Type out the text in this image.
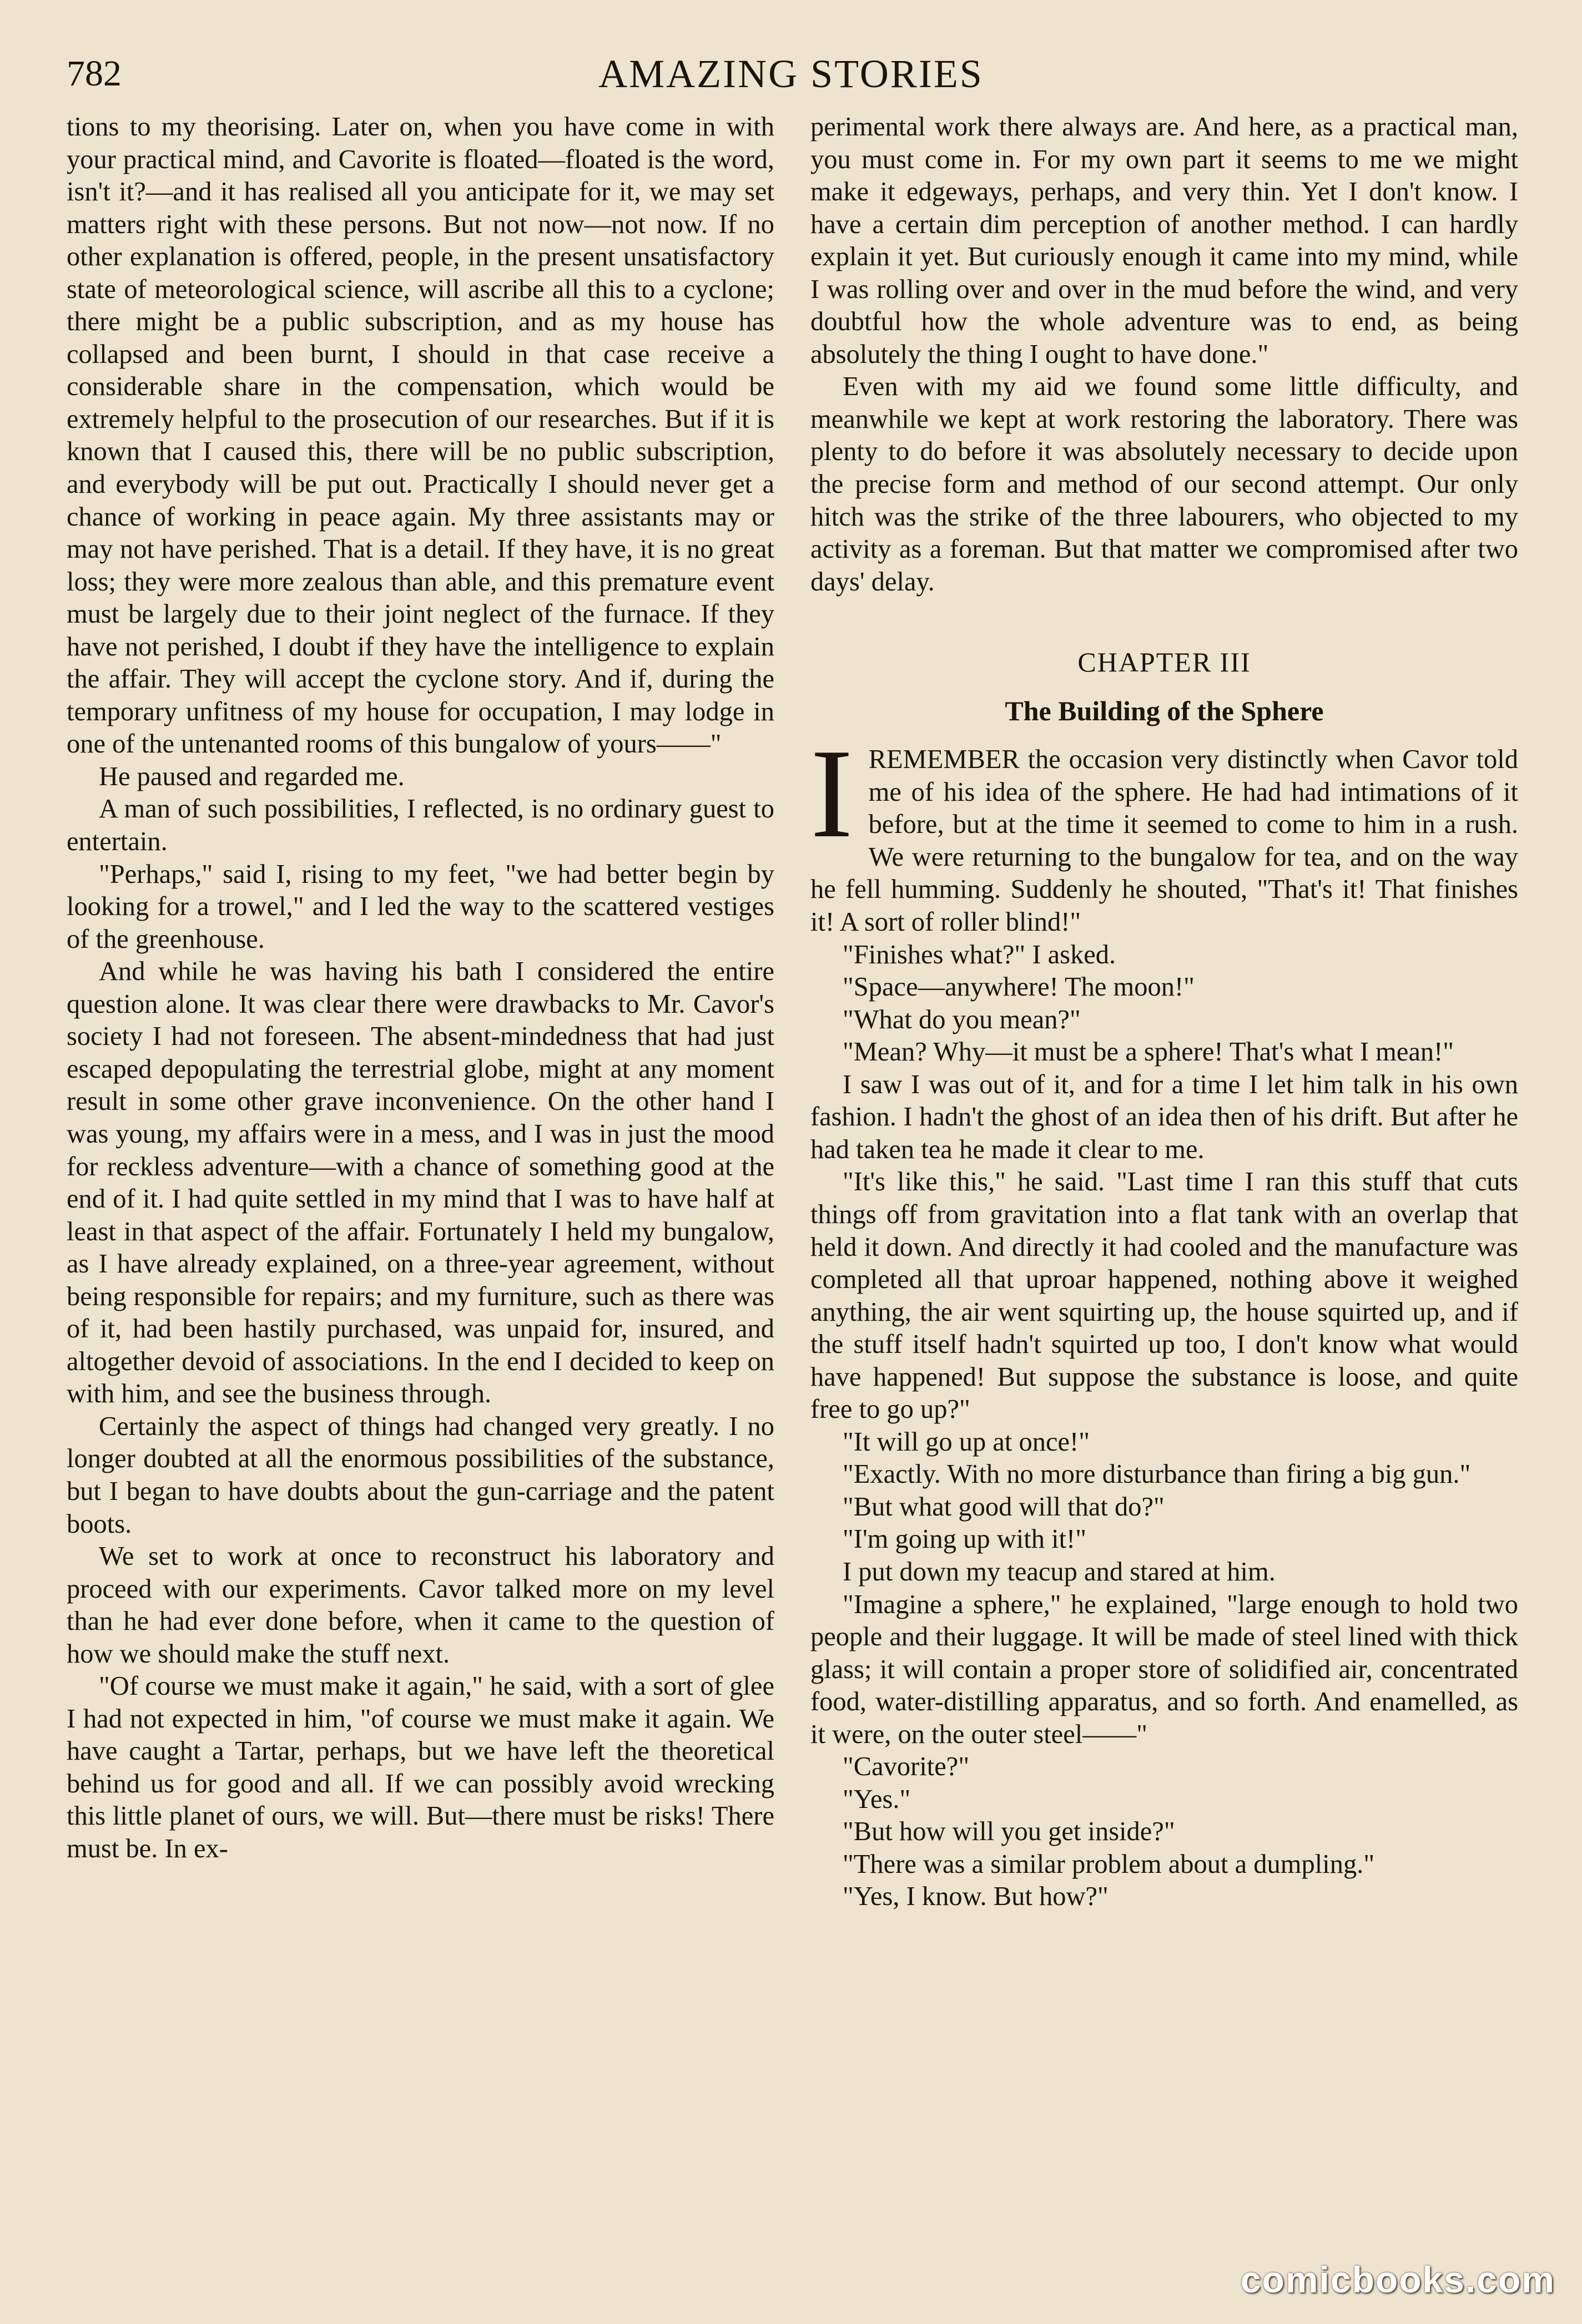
782	AMAZING STORIES

tions to my theorising. Later on, when you have come in with your practical mind, and Cavorite is floated—floated is the word, isn't it?—and it has realised all you anticipate for it, we may set matters right with these persons. But not now—not now. If no other explanation is offered, people, in the present unsatisfactory state of meteorological science, will ascribe all this to a cyclone; there might be a public subscription, and as my house has collapsed and been burnt, I should in that case receive a considerable share in the compensation, which would be extremely helpful to the prosecution of our researches. But if it is known that I caused this, there will be no public subscription, and everybody will be put out. Practically I should never get a chance of working in peace again. My three assistants may or may not have perished. That is a detail. If they have, it is no great loss; they were more zealous than able, and this premature event must be largely due to their joint neglect of the furnace. If they have not perished, I doubt if they have the intelligence to explain the affair. They will accept the cyclone story. And if, during the temporary unfitness of my house for occupation, I may lodge in one of the untenanted rooms of this bungalow of yours——"

He paused and regarded me.

A man of such possibilities, I reflected, is no ordinary guest to entertain.

"Perhaps," said I, rising to my feet, "we had better begin by looking for a trowel," and I led the way to the scattered vestiges of the greenhouse.

And while he was having his bath I considered the entire question alone. It was clear there were drawbacks to Mr. Cavor's society I had not foreseen. The absent-mindedness that had just escaped depopulating the terrestrial globe, might at any moment result in some other grave inconvenience. On the other hand I was young, my affairs were in a mess, and I was in just the mood for reckless adventure—with a chance of something good at the end of it. I had quite settled in my mind that I was to have half at least in that aspect of the affair. Fortunately I held my bungalow, as I have already explained, on a three-year agreement, without being responsible for repairs; and my furniture, such as there was of it, had been hastily purchased, was unpaid for, insured, and altogether devoid of associations. In the end I decided to keep on with him, and see the business through.

Certainly the aspect of things had changed very greatly. I no longer doubted at all the enormous possibilities of the substance, but I began to have doubts about the gun-carriage and the patent boots.

We set to work at once to reconstruct his laboratory and proceed with our experiments. Cavor talked more on my level than he had ever done before, when it came to the question of how we should make the stuff next.

"Of course we must make it again," he said, with a sort of glee I had not expected in him, "of course we must make it again. We have caught a Tartar, perhaps, but we have left the theoretical behind us for good and all. If we can possibly avoid wrecking this little planet of ours, we will. But—there must be risks! There must be. In ex-

perimental work there always are. And here, as a practical man, you must come in. For my own part it seems to me we might make it edgeways, perhaps, and very thin. Yet I don't know. I have a certain dim perception of another method. I can hardly explain it yet. But curiously enough it came into my mind, while I was rolling over and over in the mud before the wind, and very doubtful how the whole adventure was to end, as being absolutely the thing I ought to have done."

Even with my aid we found some little difficulty, and meanwhile we kept at work restoring the laboratory. There was plenty to do before it was absolutely necessary to decide upon the precise form and method of our second attempt. Our only hitch was the strike of the three labourers, who objected to my activity as a foreman. But that matter we compromised after two days' delay.

CHAPTER III
The Building of the Sphere

IREMEMBER the occasion very distinctly when Cavor told me of his idea of the sphere. He had had intimations of it before, but at the time it seemed to come to him in a rush. We were returning to the bungalow for tea, and on the way he fell humming. Suddenly he shouted, "That's it! That finishes it! A sort of roller blind!"

"Finishes what?" I asked.

"Space—anywhere! The moon!"

"What do you mean?"

"Mean? Why—it must be a sphere! That's what I mean!"

I saw I was out of it, and for a time I let him talk in his own fashion. I hadn't the ghost of an idea then of his drift. But after he had taken tea he made it clear to me.

"It's like this," he said. "Last time I ran this stuff that cuts things off from gravitation into a flat tank with an overlap that held it down. And directly it had cooled and the manufacture was completed all that uproar happened, nothing above it weighed anything, the air went squirting up, the house squirted up, and if the stuff itself hadn't squirted up too, I don't know what would have happened! But suppose the substance is loose, and quite free to go up?"

"It will go up at once!"

"Exactly. With no more disturbance than firing a big gun."

"But what good will that do?"

"I'm going up with it!"

I put down my teacup and stared at him.

"Imagine a sphere," he explained, "large enough to hold two people and their luggage. It will be made of steel lined with thick glass; it will contain a proper store of solidified air, concentrated food, water-distilling apparatus, and so forth. And enamelled, as it were, on the outer steel——"

"Cavorite?"

"Yes."

"But how will you get inside?"

"There was a similar problem about a dumpling."

"Yes, I know. But how?"

comicbooks.com
